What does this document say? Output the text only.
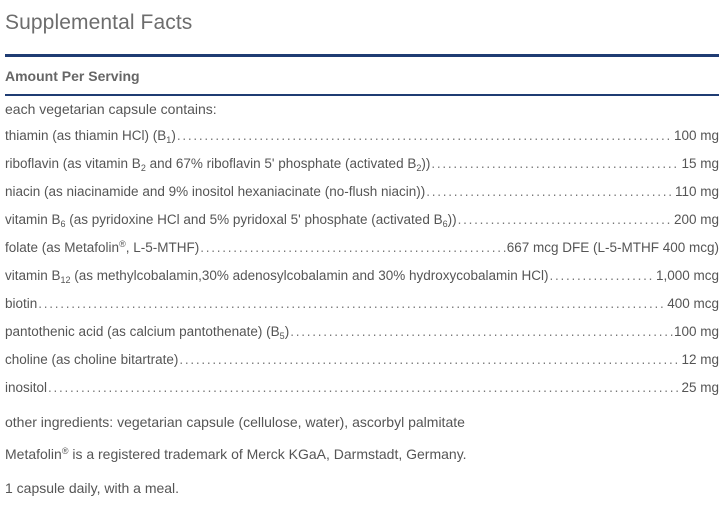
Supplemental Facts
Amount Per Serving
each vegetarian capsule contains:
thiamin (as thiamin HCl) $(B_1)$ . . .	100 mg
riboflavin (as vitamin $B_2$ and 67% riboflavin 5' phosphate (activated $B_2$)) . . .	15 mg
niacin (as niacinamide and 9% inositol hexaniacinate (no-flush niacin)) . . .	110 mg
vitamin $B_6$ (as pyridoxine HCl and 5% pyridoxal 5' phosphate (activated $B_6$)) . . .	200 mg
folate (as Metafolin®, L-5-MTHF) . . .	667 mcg DFE (L-5-MTHF 400 mcg)
vitamin $B_{12}$ (as methylcobalamin,30% adenosylcobalamin and 30% hydroxycobalamin HCl) . . .	1,000 mcg
biotin . . .	400 mcg
pantothenic acid (as calcium pantothenate) $(B_5)$ . . .	100 mg
choline (as choline bitartrate) . . .	12 mg
inositol . . .	25 mg
other ingredients: vegetarian capsule (cellulose, water), ascorbyl palmitate
Metafolin® is a registered trademark of Merck KGaA, Darmstadt, Germany.
1 capsule daily, with a meal.
